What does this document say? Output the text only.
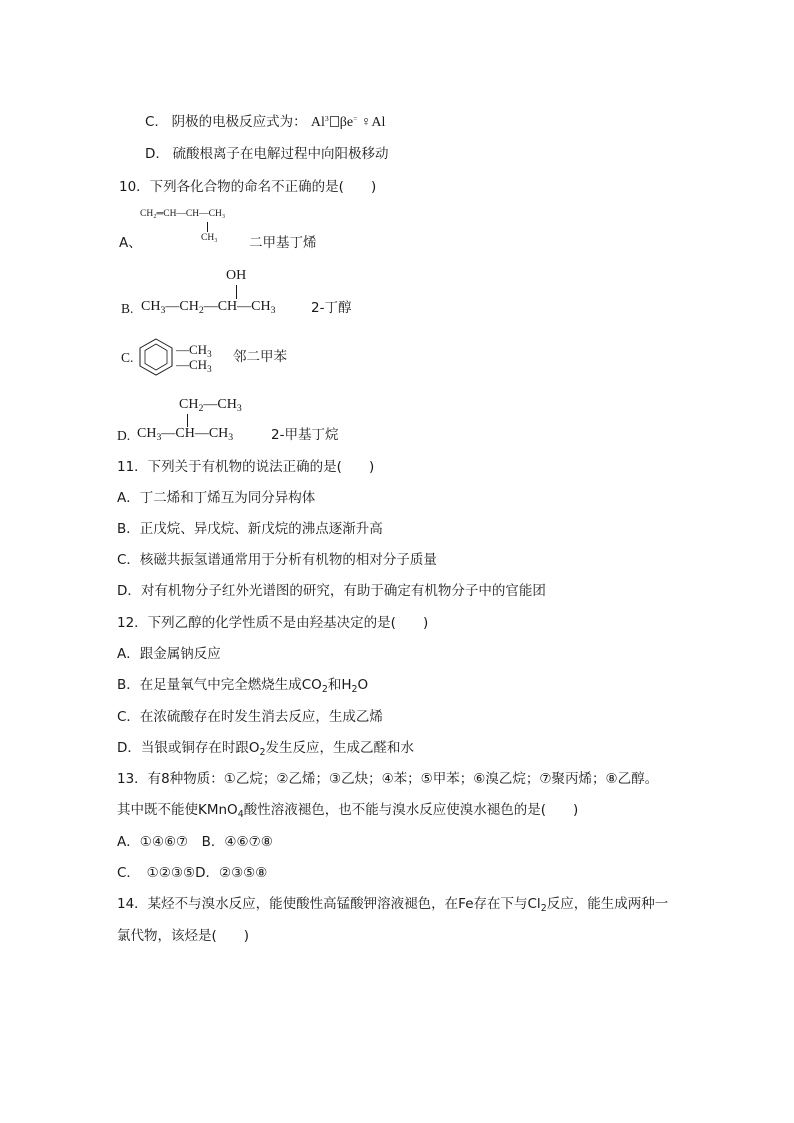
C. 阴极的电极反应式为： Al$^3$ βe= ♀Al
D. 硫酸根离子在电解过程中向阳极移动
10．下列各化合物的命名不正确的是(　　)
CH₂═CH—CH—CH₃
CH₃
A、	二甲基丁烯
OH
B. $CH_3—CH_2—CH—CH_3$	2-丁醇
C.
$—CH_3$
$—CH_3$
邻二甲苯
$CH_2—CH_3$
D. $CH_3—CH—CH_3$	2-甲基丁烷
11．下列关于有机物的说法正确的是(　　)
A．丁二烯和丁烯互为同分异构体
B．正戊烷、异戊烷、新戊烷的沸点逐渐升高
C．核磁共振氢谱通常用于分析有机物的相对分子质量
D．对有机物分子红外光谱图的研究，有助于确定有机物分子中的官能团
12．下列乙醇的化学性质不是由羟基决定的是(　　)
A．跟金属钠反应
B．在足量氧气中完全燃烧生成$CO_2$和$H_2O$
C．在浓硫酸存在时发生消去反应，生成乙烯
D．当银或铜存在时跟$O_2$发生反应，生成乙醛和水
13．有8种物质：①乙烷；②乙烯；③乙炔；④苯；⑤甲苯；⑥溴乙烷；⑦聚丙烯；⑧乙醇。
其中既不能使KMnO$_4$酸性溶液褪色，也不能与溴水反应使溴水褪色的是(　　)
A．①④⑥⑦　B．④⑥⑦⑧
C．　①②③⑤D．②③⑤⑧
14．某烃不与溴水反应，能使酸性高锰酸钾溶液褪色，在Fe存在下与$Cl_2$反应，能生成两种一
氯代物，该烃是(　　)
